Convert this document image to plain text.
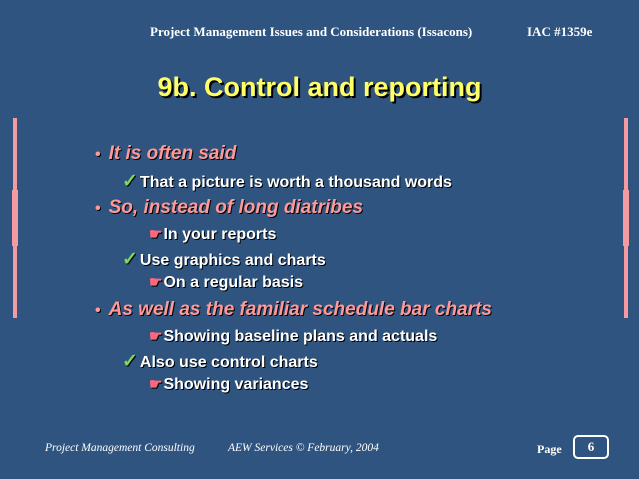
Project Management Issues and Considerations (Issacons)	IAC #1359e
9b. Control and reporting
• It is often said
✓ That a picture is worth a thousand words
• So, instead of long diatribes
☛In your reports
✓ Use graphics and charts
☛On a regular basis
• As well as the familiar schedule bar charts
☛Showing baseline plans and actuals
✓ Also use control charts
☛Showing variances
Project Management Consulting	AEW Services © February, 2004	Page	6
